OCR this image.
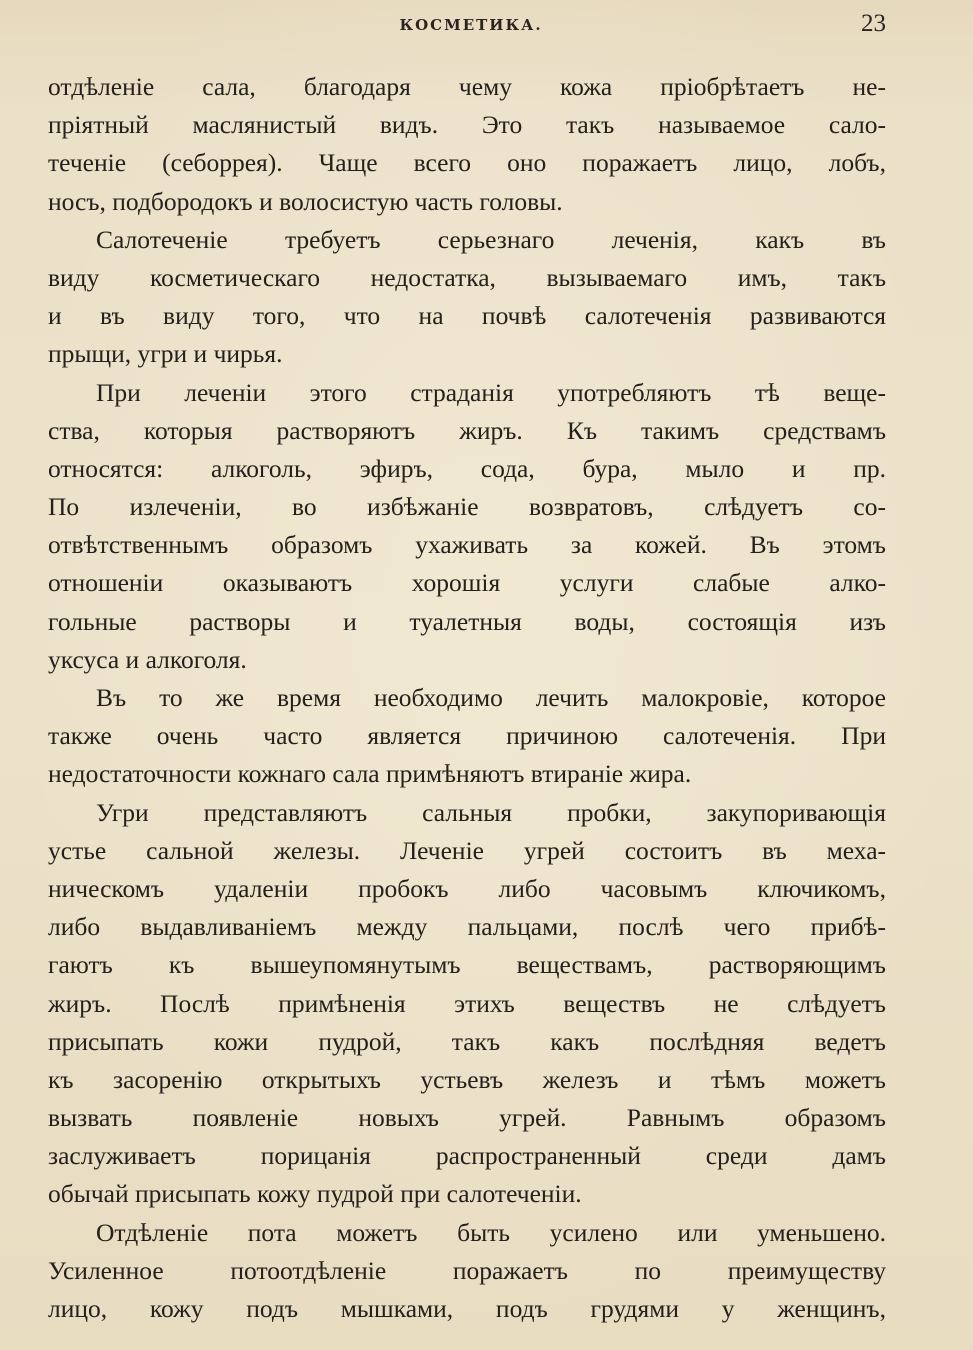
КОСМЕТИКА.	23
отдѣленіе сала, благодаря чему кожа пріобрѣтаетъ не-
пріятный маслянистый видъ. Это такъ называемое сало-
теченіе (себоррея). Чаще всего оно поражаетъ лицо, лобъ,
носъ, подбородокъ и волосистую часть головы.
Салотеченіе требуетъ серьезнаго леченія, какъ въ
виду косметическаго недостатка, вызываемаго имъ, такъ
и въ виду того, что на почвѣ салотеченія развиваются
прыщи, угри и чирья.
При леченіи этого страданія употребляютъ тѣ веще-
ства, которыя растворяютъ жиръ. Къ такимъ средствамъ
относятся: алкоголь, эфиръ, сода, бура, мыло и пр.
По излеченіи, во избѣжаніе возвратовъ, слѣдуетъ со-
отвѣтственнымъ образомъ ухаживать за кожей. Въ этомъ
отношеніи оказываютъ хорошія услуги слабые алко-
гольные растворы и туалетныя воды, состоящія изъ
уксуса и алкоголя.
Въ то же время необходимо лечить малокровіе, которое
также очень часто является причиною салотеченія. При
недостаточности кожнаго сала примѣняютъ втираніе жира.
Угри представляютъ сальныя пробки, закупоривающія
устье сальной железы. Леченіе угрей состоитъ въ меха-
ническомъ удаленіи пробокъ либо часовымъ ключикомъ,
либо выдавливаніемъ между пальцами, послѣ чего прибѣ-
гаютъ къ вышеупомянутымъ веществамъ, растворяющимъ
жиръ. Послѣ примѣненія этихъ веществъ не слѣдуетъ
присыпать кожи пудрой, такъ какъ послѣдняя ведетъ
къ засоренію открытыхъ устьевъ железъ и тѣмъ можетъ
вызвать появленіе новыхъ угрей. Равнымъ образомъ
заслуживаетъ порицанія распространенный среди дамъ
обычай присыпать кожу пудрой при салотеченіи.
Отдѣленіе пота можетъ быть усилено или уменьшено.
Усиленное потоотдѣленіе поражаетъ по преимуществу
лицо, кожу подъ мышками, подъ грудями у женщинъ,
